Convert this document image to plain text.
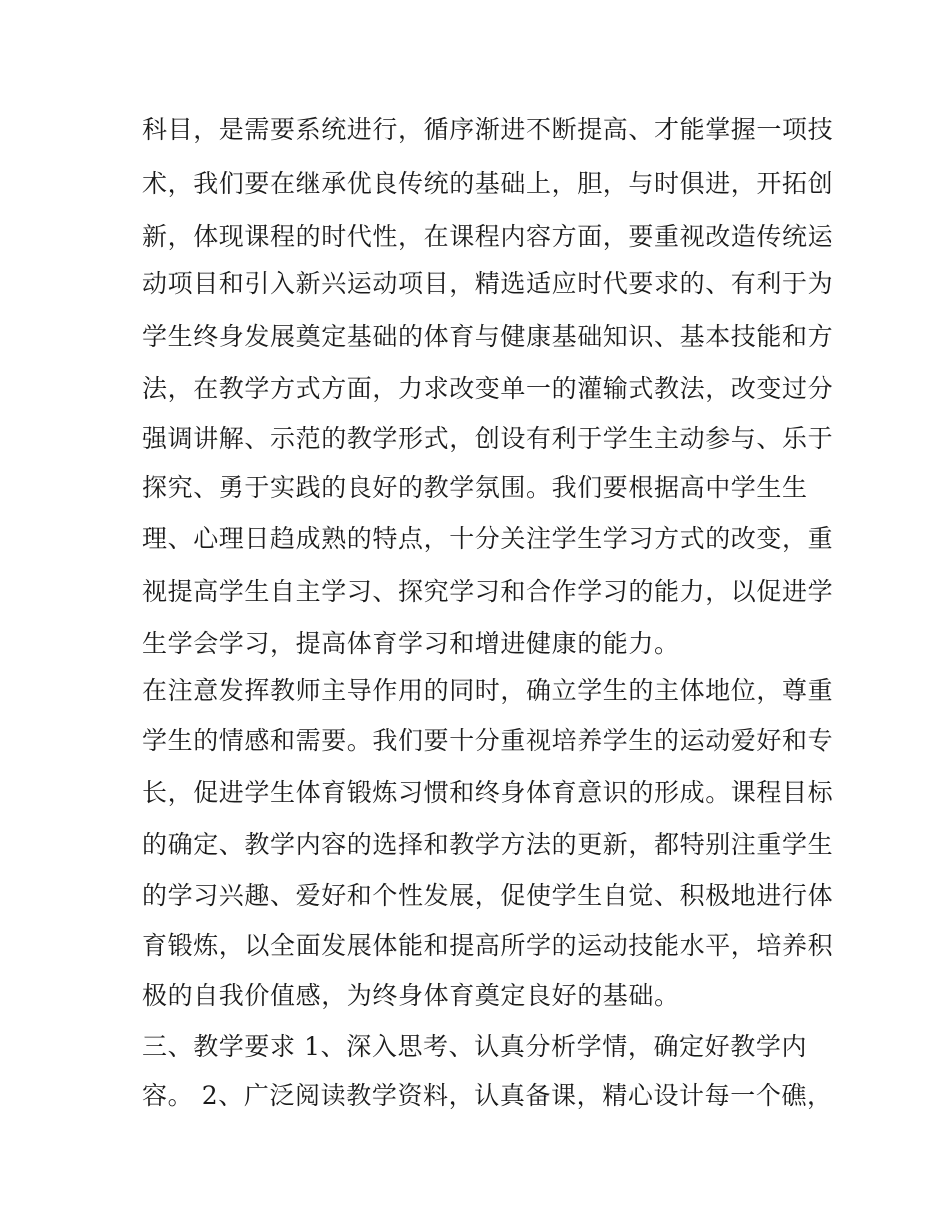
科目，是需要系统进行，循序渐进不断提高、才能掌握一项技
术，我们要在继承优良传统的基础上，胆，与时俱进，开拓创
新，体现课程的时代性，在课程内容方面，要重视改造传统运
动项目和引入新兴运动项目，精选适应时代要求的、有利于为
学生终身发展奠定基础的体育与健康基础知识、基本技能和方
法，在教学方式方面，力求改变单一的灌输式教法，改变过分
强调讲解、示范的教学形式，创设有利于学生主动参与、乐于
探究、勇于实践的良好的教学氛围。我们要根据高中学生生
理、心理日趋成熟的特点，十分关注学生学习方式的改变，重
视提高学生自主学习、探究学习和合作学习的能力，以促进学
生学会学习，提高体育学习和增进健康的能力。
在注意发挥教师主导作用的同时，确立学生的主体地位，尊重
学生的情感和需要。我们要十分重视培养学生的运动爱好和专
长，促进学生体育锻炼习惯和终身体育意识的形成。课程目标
的确定、教学内容的选择和教学方法的更新，都特别注重学生
的学习兴趣、爱好和个性发展，促使学生自觉、积极地进行体
育锻炼，以全面发展体能和提高所学的运动技能水平，培养积
极的自我价值感，为终身体育奠定良好的基础。
三、教学要求 1、深入思考、认真分析学情，确定好教学内
容。 2、广泛阅读教学资料，认真备课，精心设计每一个礁，
